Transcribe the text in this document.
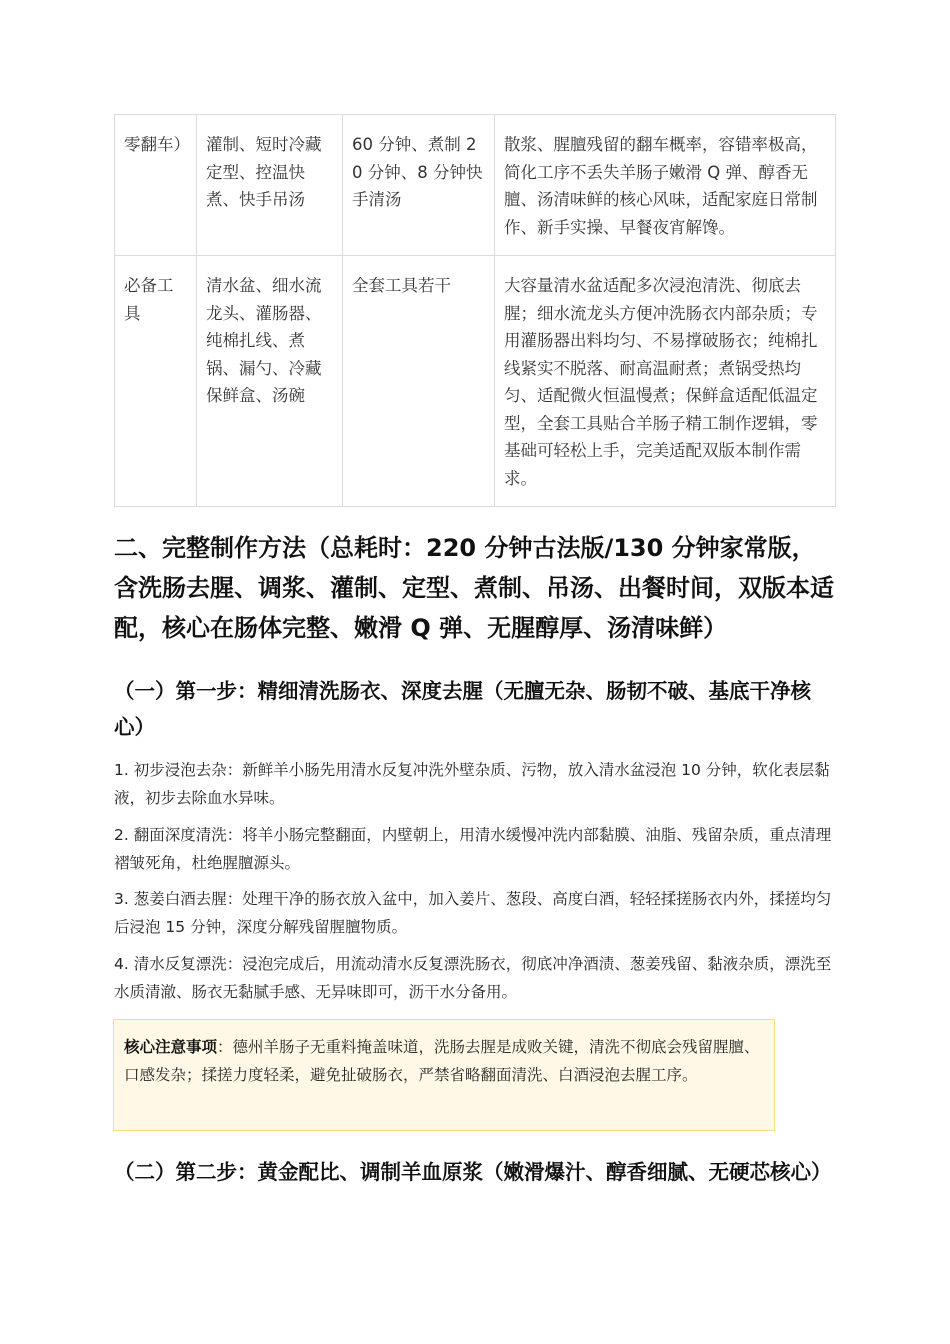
零翻车）	灌制、短时冷藏定型、控温快煮、快手吊汤	60 分钟、煮制 20 分钟、8 分钟快手清汤	散浆、腥膻残留的翻车概率，容错率极高，简化工序不丢失羊肠子嫩滑 Q 弹、醇香无膻、汤清味鲜的核心风味，适配家庭日常制作、新手实操、早餐夜宵解馋。
必备工具	清水盆、细水流龙头、灌肠器、纯棉扎线、煮锅、漏勺、冷藏保鲜盒、汤碗	全套工具若干	大容量清水盆适配多次浸泡清洗、彻底去腥；细水流龙头方便冲洗肠衣内部杂质；专用灌肠器出料均匀、不易撑破肠衣；纯棉扎线紧实不脱落、耐高温耐煮；煮锅受热均匀、适配微火恒温慢煮；保鲜盒适配低温定型，全套工具贴合羊肠子精工制作逻辑，零基础可轻松上手，完美适配双版本制作需求。
二、完整制作方法（总耗时：220 分钟古法版/130 分钟家常版，含洗肠去腥、调浆、灌制、定型、煮制、吊汤、出餐时间，双版本适配，核心在肠体完整、嫩滑 Q 弹、无腥醇厚、汤清味鲜）
（一）第一步：精细清洗肠衣、深度去腥（无膻无杂、肠韧不破、基底干净核心）

1. 初步浸泡去杂：新鲜羊小肠先用清水反复冲洗外壁杂质、污物，放入清水盆浸泡 10 分钟，软化表层黏液，初步去除血水异味。

2. 翻面深度清洗：将羊小肠完整翻面，内壁朝上，用清水缓慢冲洗内部黏膜、油脂、残留杂质，重点清理褶皱死角，杜绝腥膻源头。

3. 葱姜白酒去腥：处理干净的肠衣放入盆中，加入姜片、葱段、高度白酒，轻轻揉搓肠衣内外，揉搓均匀后浸泡 15 分钟，深度分解残留腥膻物质。

4. 清水反复漂洗：浸泡完成后，用流动清水反复漂洗肠衣，彻底冲净酒渍、葱姜残留、黏液杂质，漂洗至水质清澈、肠衣无黏腻手感、无异味即可，沥干水分备用。

核心注意事项：德州羊肠子无重料掩盖味道，洗肠去腥是成败关键，清洗不彻底会残留腥膻、口感发杂；揉搓力度轻柔，避免扯破肠衣，严禁省略翻面清洗、白酒浸泡去腥工序。
（二）第二步：黄金配比、调制羊血原浆（嫩滑爆汁、醇香细腻、无硬芯核心）
